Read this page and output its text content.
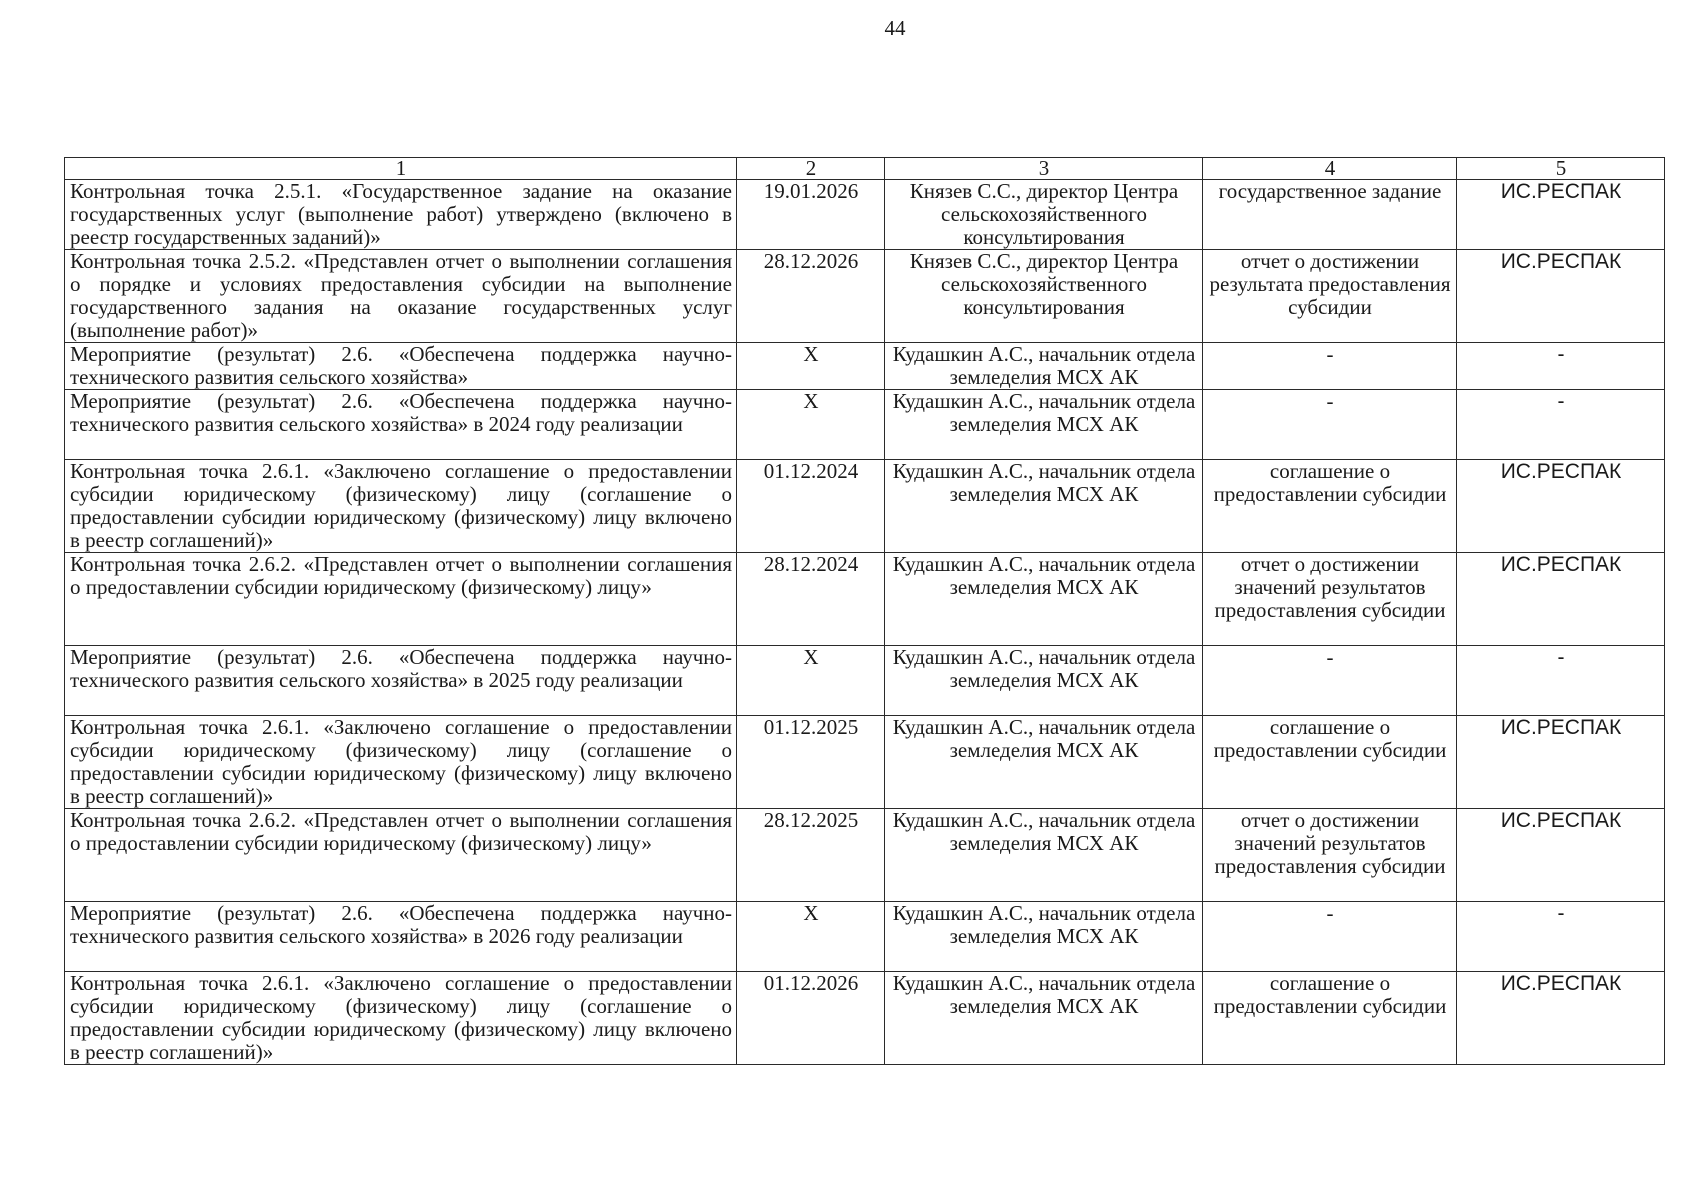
44
1	2	3	4	5
Контрольная точка 2.5.1. «Государственное задание на оказание государственных услуг (выполнение работ) утверждено (включено в реестр государственных заданий)»	19.01.2026	Князев С.С., директор Центра сельскохозяйственного консультирования	государственное задание	ИС.РЕСПАК
Контрольная точка 2.5.2. «Представлен отчет о выполнении соглашения о порядке и условиях предоставления субсидии на выполнение государственного задания на оказание государственных услуг (выполнение работ)»	28.12.2026	Князев С.С., директор Центра сельскохозяйственного консультирования	отчет о достижении результата предоставления субсидии	ИС.РЕСПАК
Мероприятие (результат) 2.6. «Обеспечена поддержка научно-технического развития сельского хозяйства»	Х	Кудашкин А.С., начальник отдела земледелия МСХ АК	-	-
Мероприятие (результат) 2.6. «Обеспечена поддержка научно-технического развития сельского хозяйства» в 2024 году реализации	Х	Кудашкин А.С., начальник отдела земледелия МСХ АК	-	-
Контрольная точка 2.6.1. «Заключено соглашение о предоставлении субсидии юридическому (физическому) лицу (соглашение о предоставлении субсидии юридическому (физическому) лицу включено в реестр соглашений)»	01.12.2024	Кудашкин А.С., начальник отдела земледелия МСХ АК	соглашение о предоставлении субсидии	ИС.РЕСПАК
Контрольная точка 2.6.2. «Представлен отчет о выполнении соглашения о предоставлении субсидии юридическому (физическому) лицу»	28.12.2024	Кудашкин А.С., начальник отдела земледелия МСХ АК	отчет о достижении значений результатов предоставления субсидии	ИС.РЕСПАК
Мероприятие (результат) 2.6. «Обеспечена поддержка научно-технического развития сельского хозяйства» в 2025 году реализации	Х	Кудашкин А.С., начальник отдела земледелия МСХ АК	-	-
Контрольная точка 2.6.1. «Заключено соглашение о предоставлении субсидии юридическому (физическому) лицу (соглашение о предоставлении субсидии юридическому (физическому) лицу включено в реестр соглашений)»	01.12.2025	Кудашкин А.С., начальник отдела земледелия МСХ АК	соглашение о предоставлении субсидии	ИС.РЕСПАК
Контрольная точка 2.6.2. «Представлен отчет о выполнении соглашения о предоставлении субсидии юридическому (физическому) лицу»	28.12.2025	Кудашкин А.С., начальник отдела земледелия МСХ АК	отчет о достижении значений результатов предоставления субсидии	ИС.РЕСПАК
Мероприятие (результат) 2.6. «Обеспечена поддержка научно-технического развития сельского хозяйства» в 2026 году реализации	Х	Кудашкин А.С., начальник отдела земледелия МСХ АК	-	-
Контрольная точка 2.6.1. «Заключено соглашение о предоставлении субсидии юридическому (физическому) лицу (соглашение о предоставлении субсидии юридическому (физическому) лицу включено в реестр соглашений)»	01.12.2026	Кудашкин А.С., начальник отдела земледелия МСХ АК	соглашение о предоставлении субсидии	ИС.РЕСПАК
